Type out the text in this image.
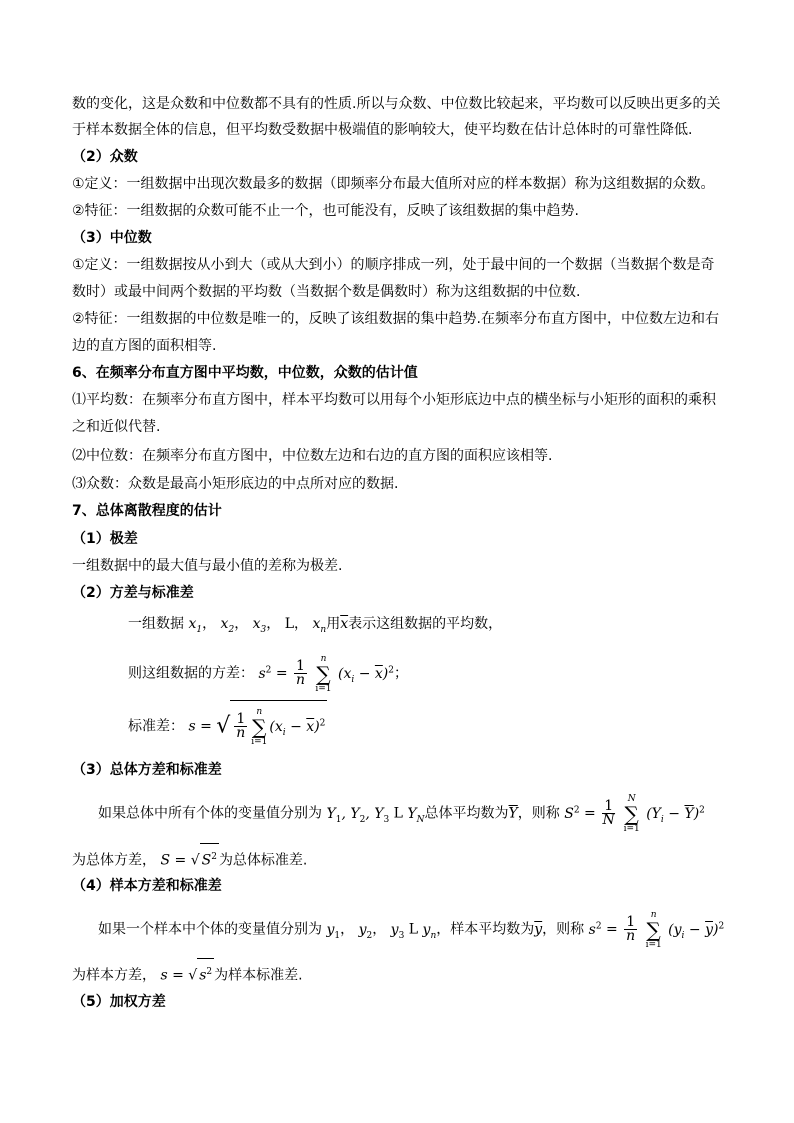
数的变化，这是众数和中位数都不具有的性质.所以与众数、中位数比较起来，平均数可以反映出更多的关
于样本数据全体的信息，但平均数受数据中极端值的影响较大，使平均数在估计总体时的可靠性降低.
（2）众数
①定义：一组数据中出现次数最多的数据（即频率分布最大值所对应的样本数据）称为这组数据的众数。
②特征：一组数据的众数可能不止一个，也可能没有，反映了该组数据的集中趋势.
（3）中位数
①定义：一组数据按从小到大（或从大到小）的顺序排成一列，处于最中间的一个数据（当数据个数是奇
数时）或最中间两个数据的平均数（当数据个数是偶数时）称为这组数据的中位数.
②特征：一组数据的中位数是唯一的，反映了该组数据的集中趋势.在频率分布直方图中，中位数左边和右
边的直方图的面积相等.
6、在频率分布直方图中平均数，中位数，众数的估计值
⑴平均数：在频率分布直方图中，样本平均数可以用每个小矩形底边中点的横坐标与小矩形的面积的乘积
之和近似代替.
⑵中位数：在频率分布直方图中，中位数左边和右边的直方图的面积应该相等.
⑶众数：众数是最高小矩形底边的中点所对应的数据.
7、总体离散程度的估计
（1）极差
一组数据中的最大值与最小值的差称为极差.
（2）方差与标准差
一组数据 $x_1$， $x_2$， $x_3$， L， $x_n$用$\overline{x}$表示这组数据的平均数，
则这组数据的方差： $s^2 = \frac{1}{n}$

n
∑
i=1
$(x_i - \overline{x})^2$；
标准差： s = √ $\frac{1}{n}$
n
∑
i=1
$(x_i - \overline{x})^2$
（3）总体方差和标准差
如果总体中所有个体的变量值分别为 $Y_1$, $Y_2$, $Y_3$ L $Y_N$总体平均数为$\overline{Y}$，则称 $S^2 = \frac{1}{N}$

N
∑
i=1
$(Y_i - \overline{Y})^2$
为总体方差， S = √ $S^2$ 为总体标准差.
（4）样本方差和标准差
如果一个样本中个体的变量值分别为 $y_1$， $y_2$， $y_3$ L $y_n$，样本平均数为$\overline{y}$，则称 $s^2 = \frac{1}{n}$

n
∑
i=1
$(y_i - \overline{y})^2$
为样本方差， s = √ $s^2$ 为样本标准差.
（5）加权方差
